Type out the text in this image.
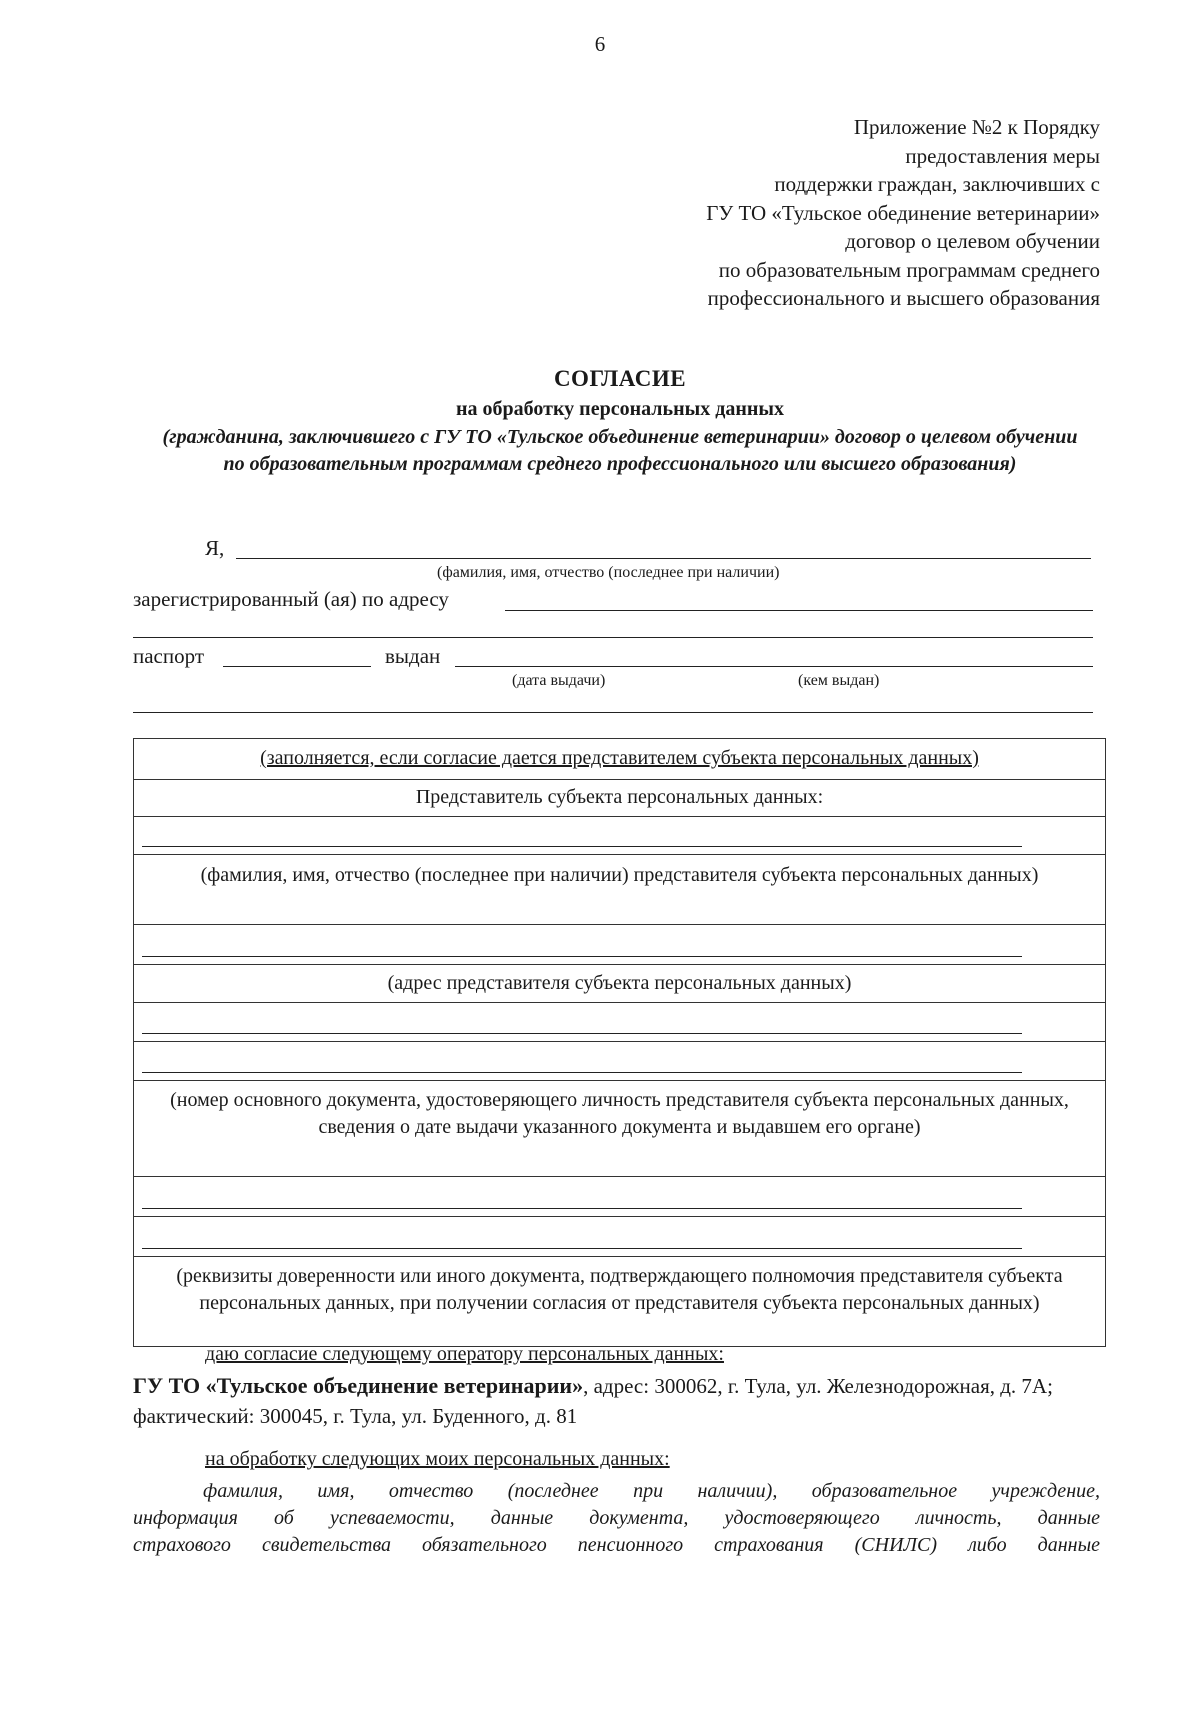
6
Приложение №2 к Порядку
предоставления меры
поддержки граждан, заключивших с
ГУ ТО «Тульское обединение ветеринарии»
договор о целевом обучении
по образовательным программам среднего
профессионального и высшего образования
СОГЛАСИЕ
на обработку персональных данных
(гражданина, заключившего с ГУ ТО «Тульское объединение ветеринарии» договор о целевом обучении по образовательным программам среднего профессионального или высшего образования)
Я,
(фамилия, имя, отчество (последнее при наличии)
зарегистрированный (ая) по адресу
паспорт	выдан
(дата выдачи)	(кем выдан)
(заполняется, если согласие дается представителем субъекта персональных данных)
Представитель субъекта персональных данных:
(фамилия, имя, отчество (последнее при наличии) представителя субъекта персональных данных)
(адрес представителя субъекта персональных данных)
(номер основного документа, удостоверяющего личность представителя субъекта персональных данных, сведения о дате выдачи указанного документа и выдавшем его органе)
(реквизиты доверенности или иного документа, подтверждающего полномочия представителя субъекта персональных данных, при получении согласия от представителя субъекта персональных данных)
даю согласие следующему оператору персональных данных:
ГУ ТО «Тульское объединение ветеринарии», адрес: 300062, г. Тула, ул. Железнодорожная, д. 7А; фактический: 300045, г. Тула, ул. Буденного, д. 81
на обработку следующих моих персональных данных:
фамилия, имя, отчество (последнее при наличии), образовательное учреждение,
информация об успеваемости, данные документа, удостоверяющего личность, данные
страхового свидетельства обязательного пенсионного страхования (СНИЛС) либо данные
